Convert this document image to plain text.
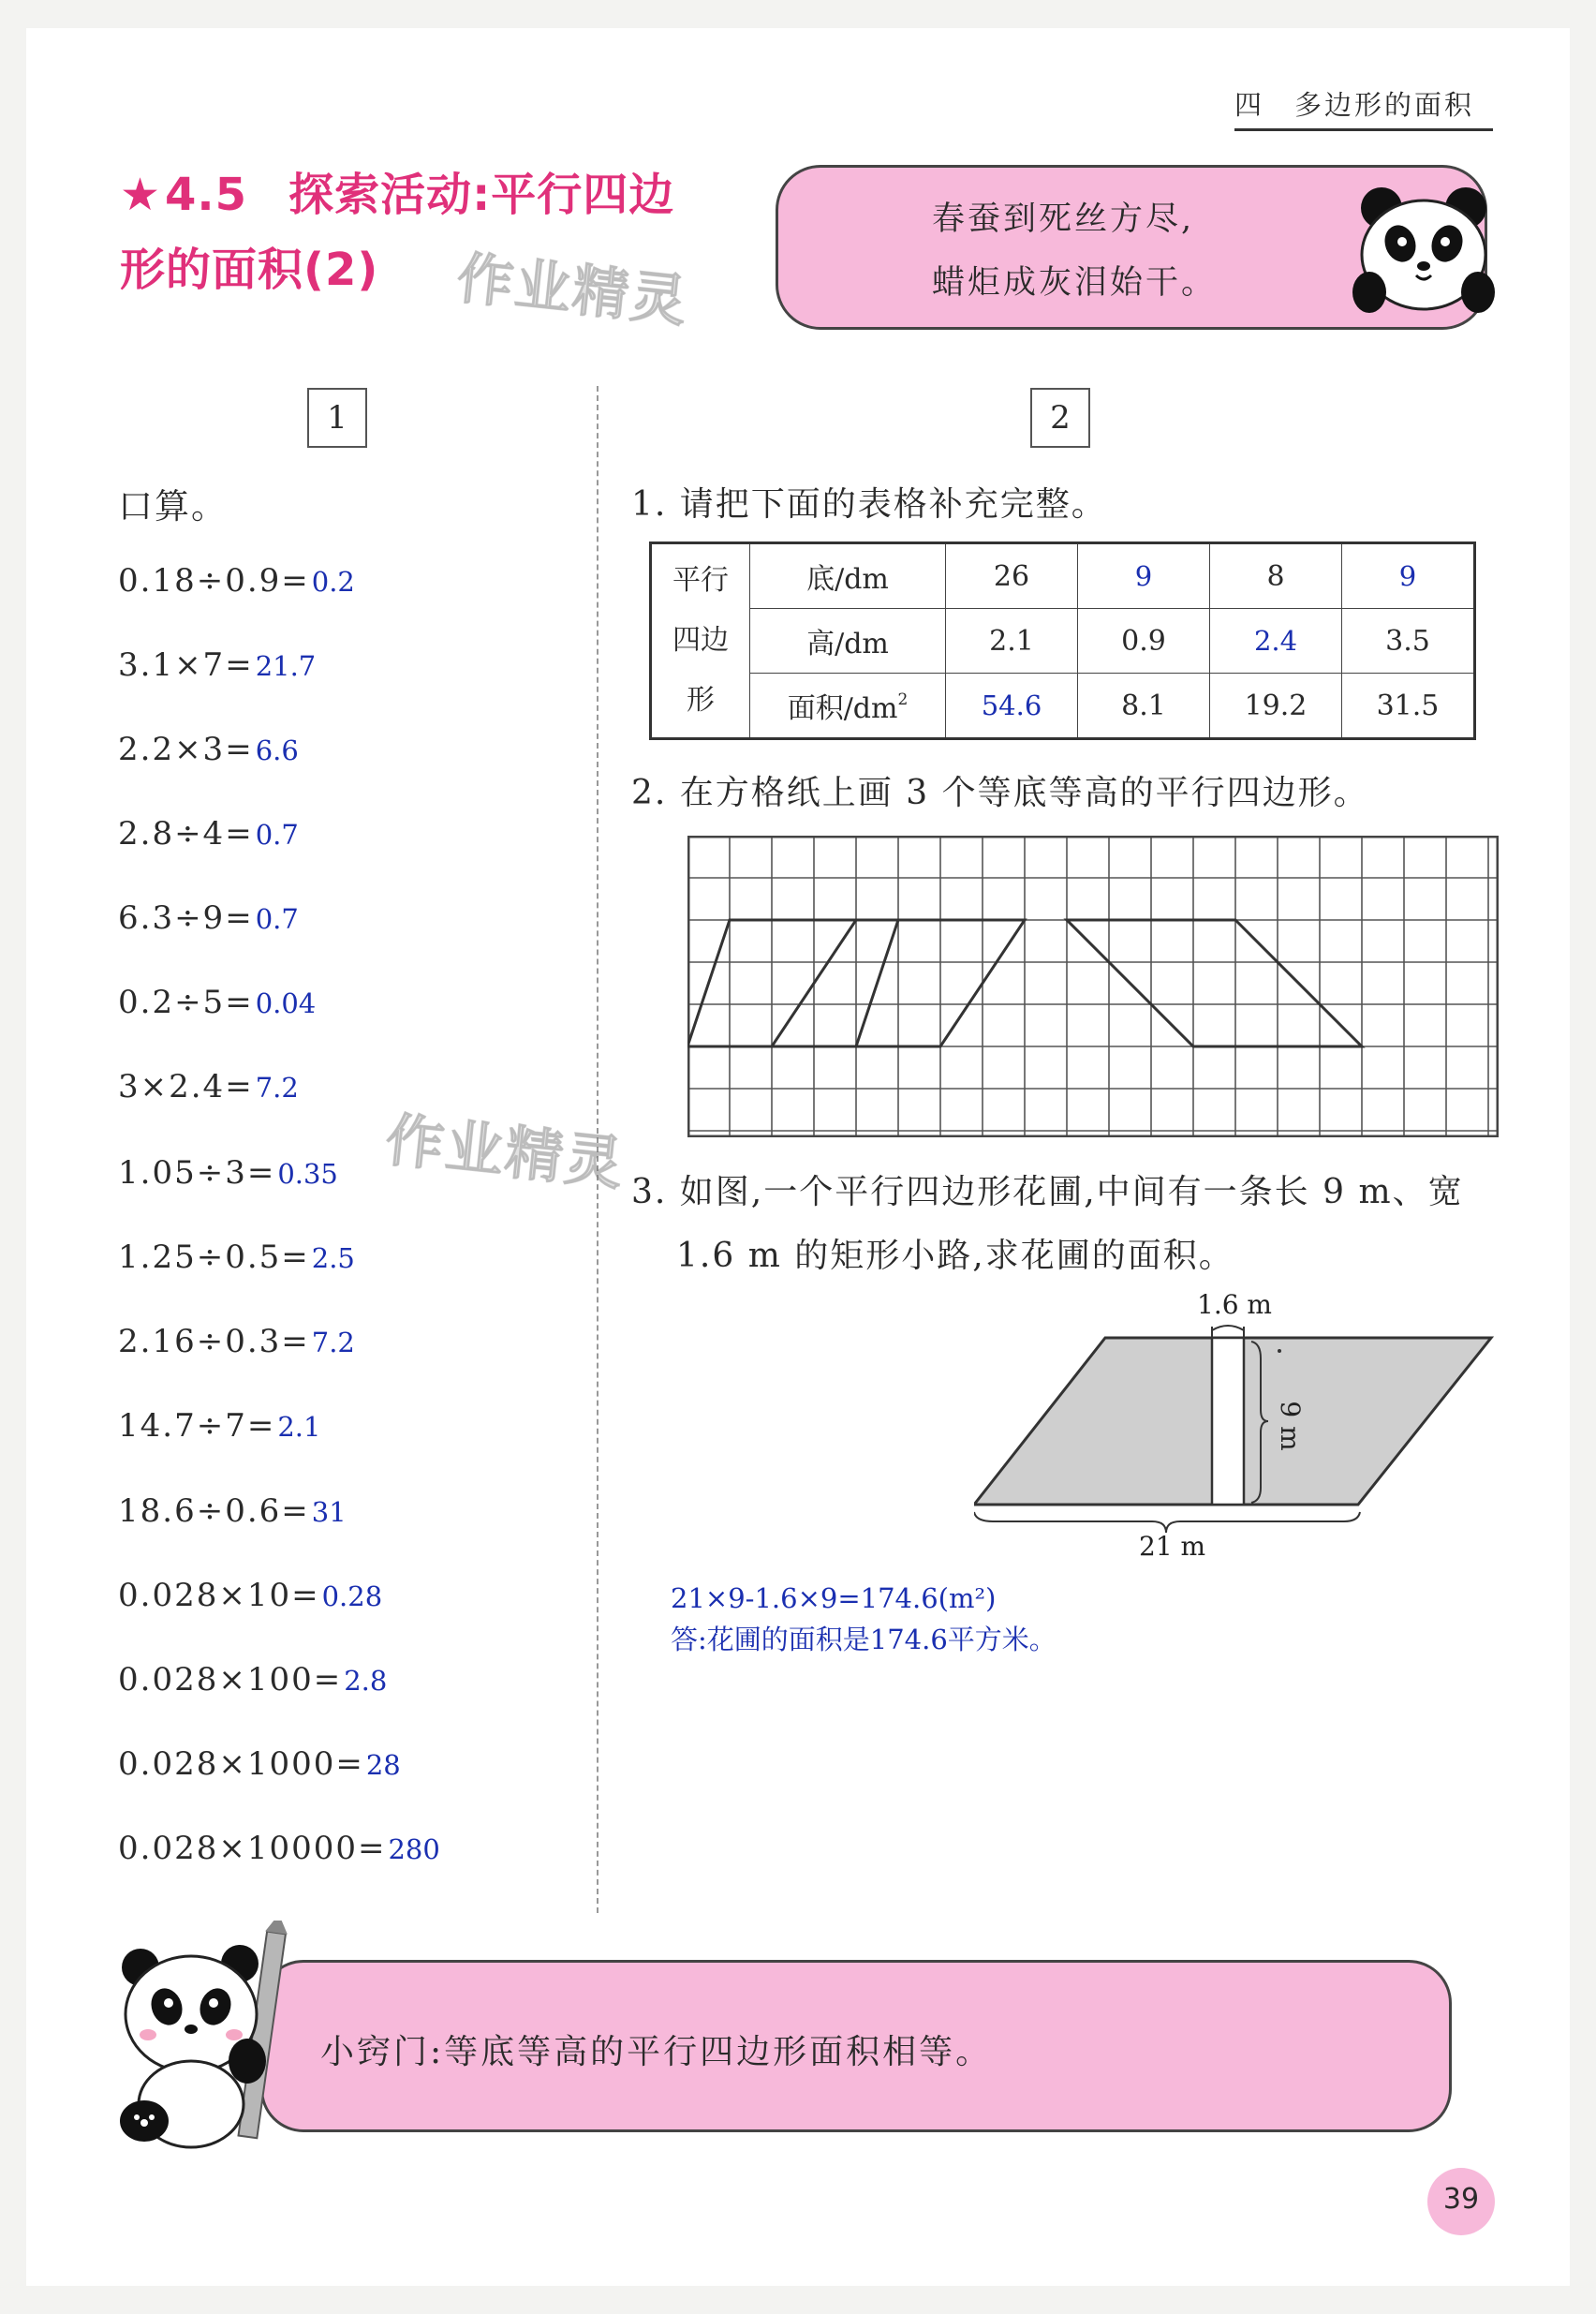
四　多边形的面积
★4.5 探索活动:平行四边
形的面积(2)	作业精灵
春蚕到死丝方尽,
蜡炬成灰泪始干。
1	2
口算。
0.18÷0.9=0.2
3.1×7=21.7
2.2×3=6.6
2.8÷4=0.7
6.3÷9=0.7
0.2÷5=0.04
3×2.4=7.2
1.05÷3=0.35
1.25÷0.5=2.5
2.16÷0.3=7.2
14.7÷7=2.1
18.6÷0.6=31
0.028×10=0.28
0.028×100=2.8
0.028×1000=28
0.028×10000=280
作业精灵
1. 请把下面的表格补充完整。
平行
四边
形	底/dm	26	9	8	9
	高/dm	2.1	0.9	2.4	3.5
	面积$/dm^2$	54.6	8.1	19.2	31.5
2. 在方格纸上画 3 个等底等高的平行四边形。
3. 如图,一个平行四边形花圃,中间有一条长 9 m、宽
1.6 m 的矩形小路,求花圃的面积。
1.6 m
9 m
21 m
21×9-1.6×9=174.6(m²)
答:花圃的面积是174.6平方米。
小窍门:等底等高的平行四边形面积相等。
39
